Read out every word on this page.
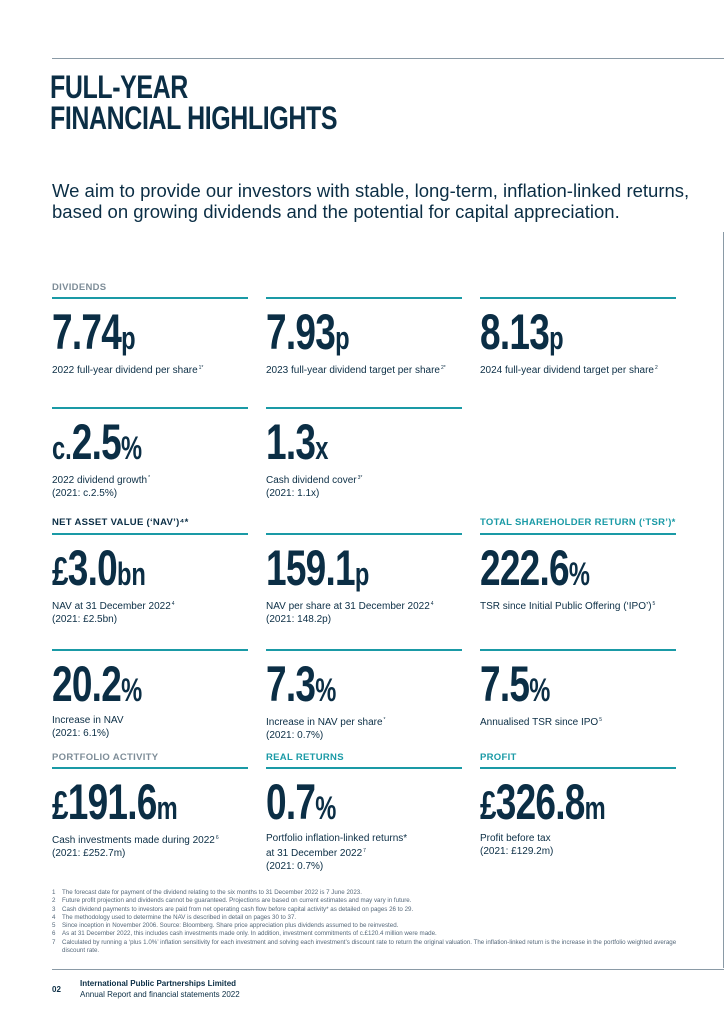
FULL-YEAR
FINANCIAL HIGHLIGHTS

We aim to provide our investors with stable, long-term, inflation-linked returns, based on growing dividends and the potential for capital appreciation.

DIVIDENDS
7.74p
2022 full-year dividend per share$^{1*}$
7.93p
2023 full-year dividend target per share$^{2*}$
8.13p
2024 full-year dividend target per share$^2$
c.2.5%
2022 dividend growth*
(2021: c.2.5%)
1.3x
Cash dividend cover$^{3*}$
(2021: 1.1x)
NET ASSET VALUE (‘NAV’)⁴*	TOTAL SHAREHOLDER RETURN (‘TSR’)*
£3.0bn
NAV at 31 December 2022$^4$
(2021: £2.5bn)
159.1p
NAV per share at 31 December 2022$^4$
(2021: 148.2p)
222.6%
TSR since Initial Public Offering (‘IPO’)$^5$
20.2%
Increase in NAV
(2021: 6.1%)
7.3%
Increase in NAV per share*
(2021: 0.7%)
7.5%
Annualised TSR since IPO$^5$
PORTFOLIO ACTIVITY	REAL RETURNS	PROFIT
£191.6m
Cash investments made during 2022$^6$
(2021: £252.7m)
0.7%
Portfolio inflation-linked returns*
at 31 December 2022$^7$
(2021: 0.7%)
£326.8m
Profit before tax
(2021: £129.2m)
1	The forecast date for payment of the dividend relating to the six months to 31 December 2022 is 7 June 2023.
2	Future profit projection and dividends cannot be guaranteed. Projections are based on current estimates and may vary in future.
3	Cash dividend payments to investors are paid from net operating cash flow before capital activity* as detailed on pages 26 to 29.
4	The methodology used to determine the NAV is described in detail on pages 30 to 37.
5	Since inception in November 2006. Source: Bloomberg. Share price appreciation plus dividends assumed to be reinvested.
6	As at 31 December 2022, this includes cash investments made only. In addition, investment commitments of c.£120.4 million were made.
7	Calculated by running a ‘plus 1.0%’ inflation sensitivity for each investment and solving each investment’s discount rate to return the original valuation. The inflation-linked return is the increase in the portfolio weighted average discount rate.
02
International Public Partnerships Limited
Annual Report and financial statements 2022
